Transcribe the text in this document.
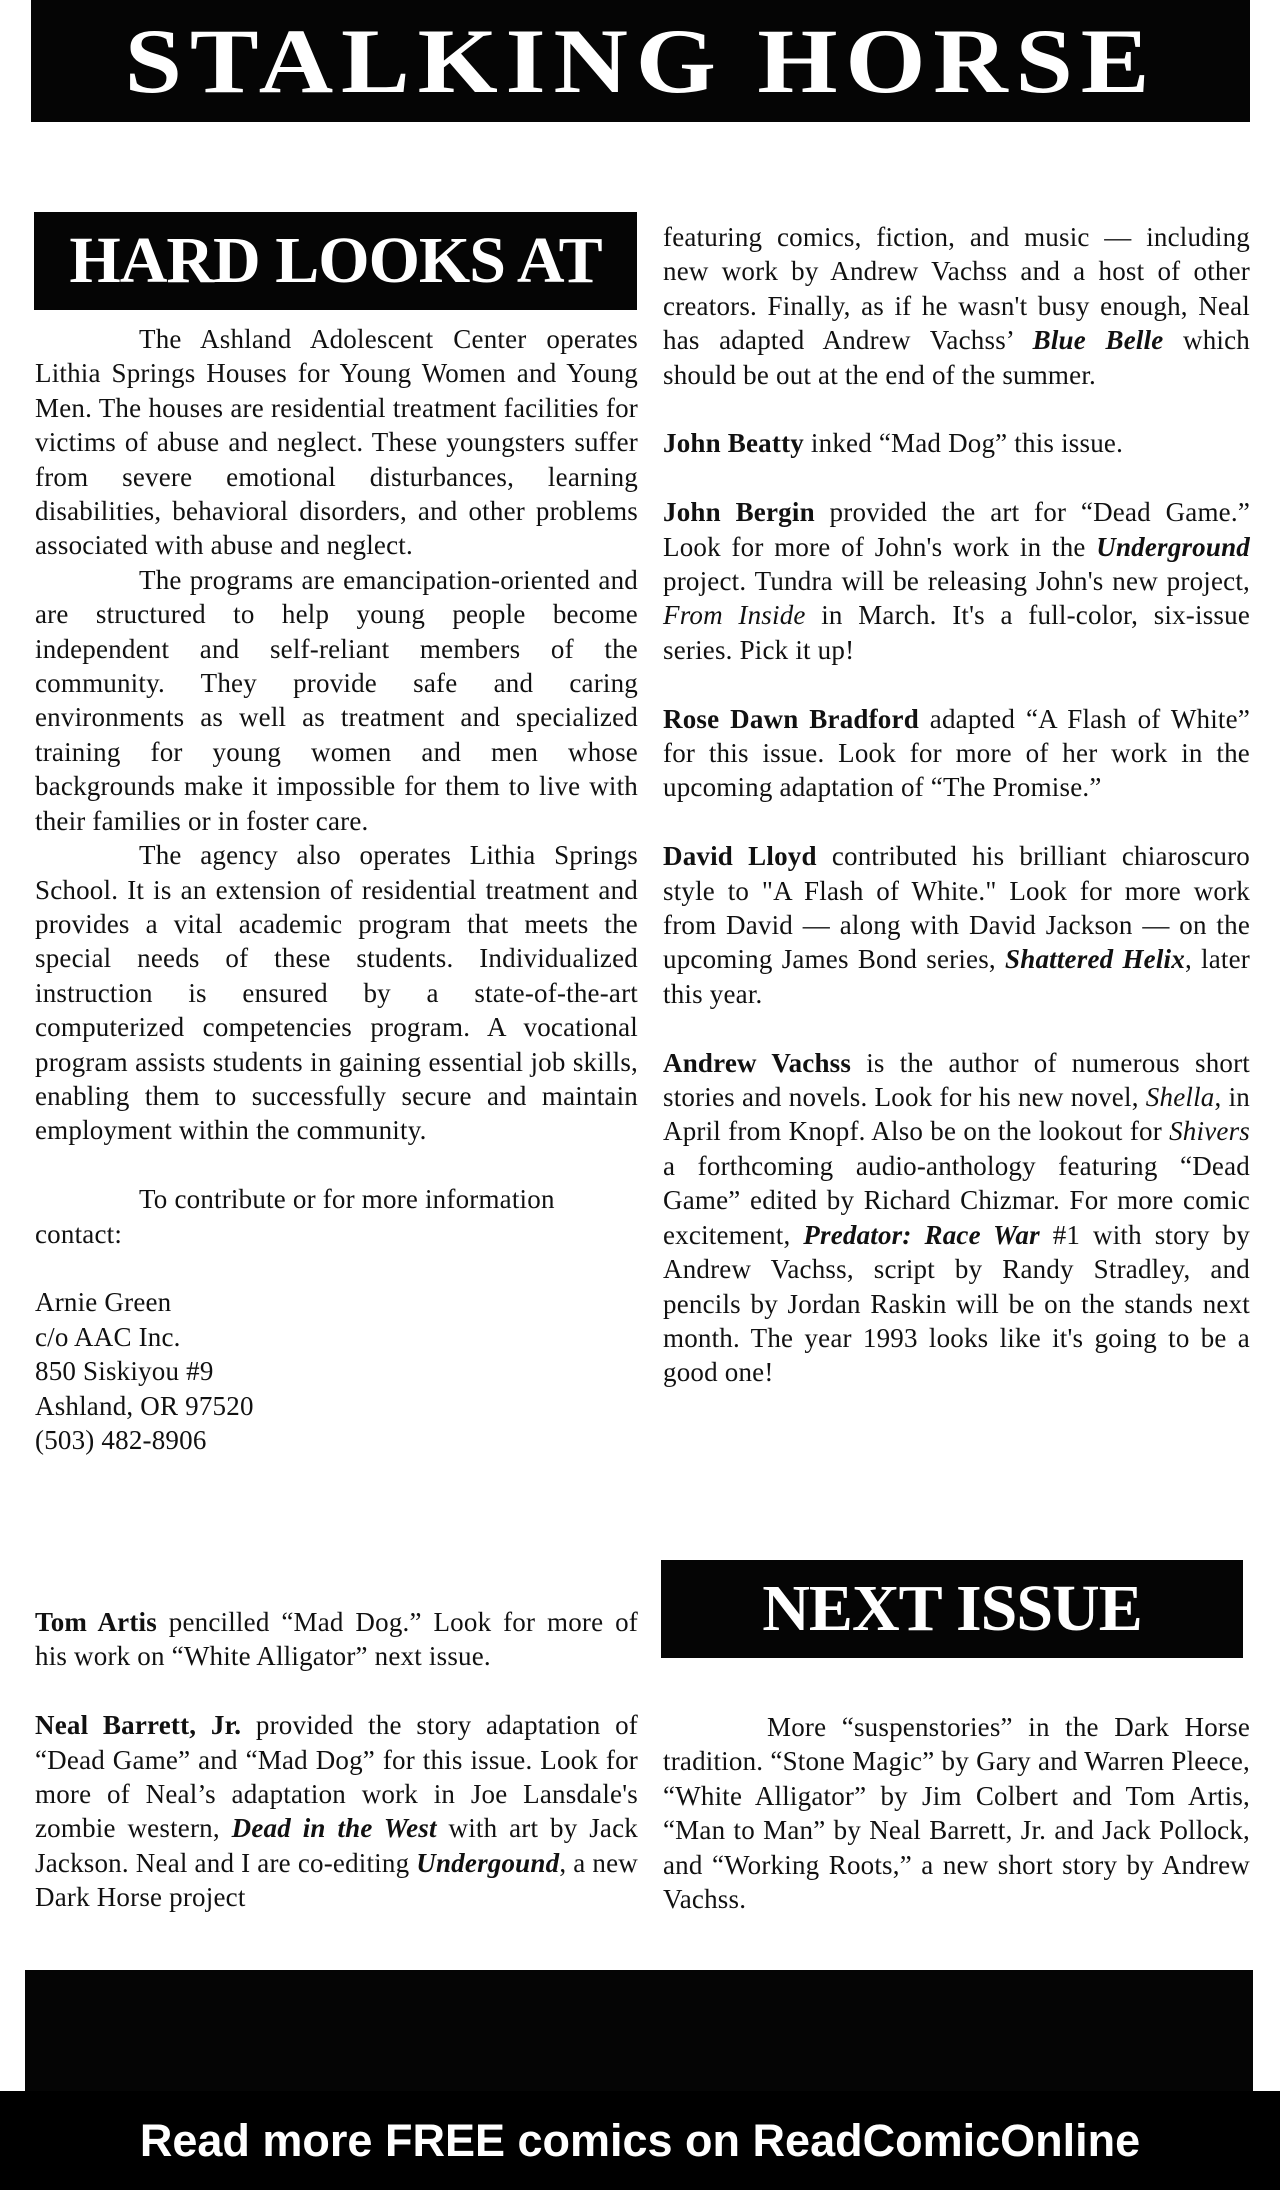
STALKING HORSE
HARD LOOKS AT

The Ashland Adolescent Center operates Lithia Springs Houses for Young Women and Young Men. The houses are residential treatment facilities for victims of abuse and neglect. These youngsters suffer from severe emotional disturbances, learning disabilities, behavioral disorders, and other problems associated with abuse and neglect.

The programs are emancipation-oriented and are structured to help young people become independent and self-reliant members of the community. They provide safe and caring environments as well as treatment and specialized training for young women and men whose backgrounds make it impossible for them to live with their families or in foster care.

The agency also operates Lithia Springs School. It is an extension of residential treatment and provides a vital academic program that meets the special needs of these students. Individualized instruction is ensured by a state-of-the-art computerized competencies program. A vocational program assists students in gaining essential job skills, enabling them to successfully secure and maintain employment within the community.

To contribute or for more information contact:

Arnie Green
c/o AAC Inc.
850 Siskiyou #9
Ashland, OR 97520
(503) 482-8906

Tom Artis pencilled “Mad Dog.” Look for more of his work on “White Alligator” next issue.

Neal Barrett, Jr. provided the story adaptation of “Dead Game” and “Mad Dog” for this issue. Look for more of Neal’s adaptation work in Joe Lansdale's zombie western, Dead in the West with art by Jack Jackson. Neal and I are co-editing Undergound, a new Dark Horse project

featuring comics, fiction, and music — including new work by Andrew Vachss and a host of other creators. Finally, as if he wasn't busy enough, Neal has adapted Andrew Vachss’ Blue Belle which should be out at the end of the summer.

John Beatty inked “Mad Dog” this issue.

John Bergin provided the art for “Dead Game.” Look for more of John's work in the Underground project. Tundra will be releasing John's new project, From Inside in March. It's a full-color, six-issue series. Pick it up!

Rose Dawn Bradford adapted “A Flash of White” for this issue. Look for more of her work in the upcoming adaptation of “The Promise.”

David Lloyd contributed his brilliant chiaroscuro style to "A Flash of White." Look for more work from David — along with David Jackson — on the upcoming James Bond series, Shattered Helix, later this year.

Andrew Vachss is the author of numerous short stories and novels. Look for his new novel, Shella, in April from Knopf. Also be on the lookout for Shivers a forthcoming audio-anthology featuring “Dead Game” edited by Richard Chizmar. For more comic excitement, Predator: Race War #1 with story by Andrew Vachss, script by Randy Stradley, and pencils by Jordan Raskin will be on the stands next month. The year 1993 looks like it's going to be a good one!

NEXT ISSUE

More “suspenstories” in the Dark Horse tradition. “Stone Magic” by Gary and Warren Pleece, “White Alligator” by Jim Colbert and Tom Artis, “Man to Man” by Neal Barrett, Jr. and Jack Pollock, and “Working Roots,” a new short story by Andrew Vachss.

Read more FREE comics on ReadComicOnline
